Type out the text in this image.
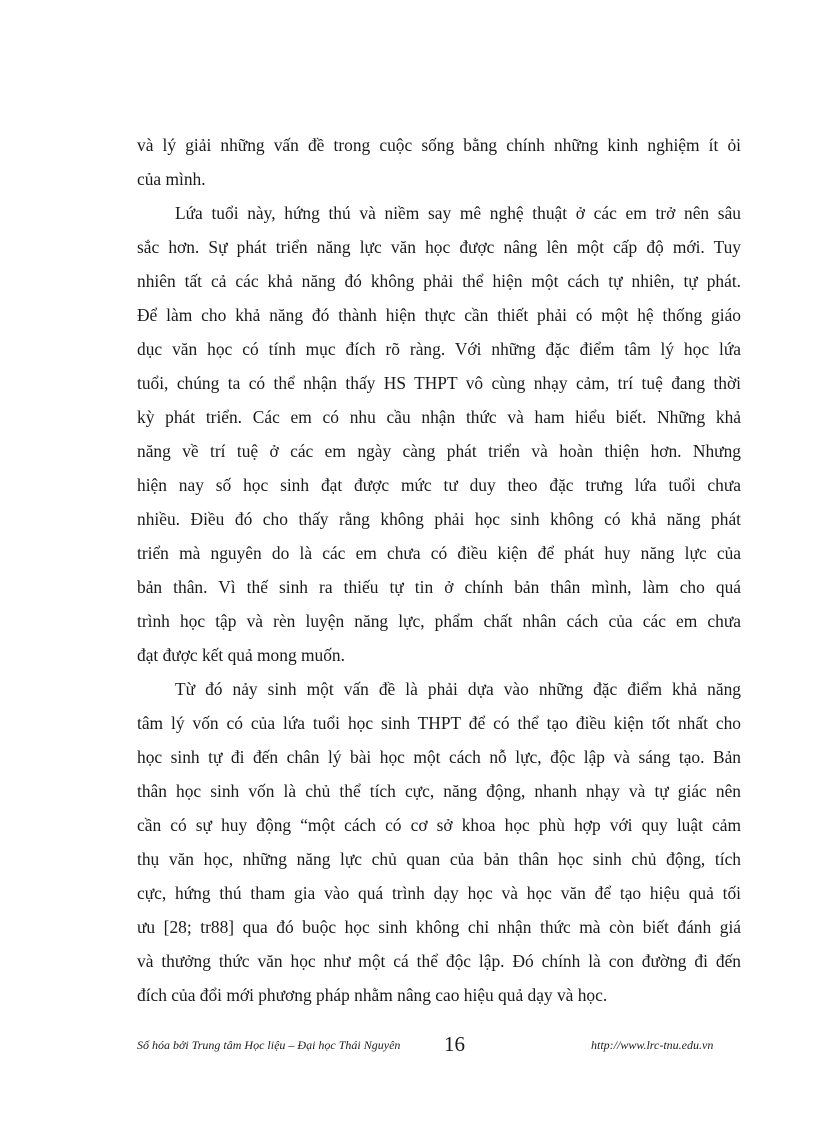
và lý giải những vấn đề trong cuộc sống bằng chính những kinh nghiệm ít ỏi
của mình.
Lứa tuổi này, hứng thú và niềm say mê nghệ thuật ở các em trở nên sâu
sắc hơn. Sự phát triển năng lực văn học được nâng lên một cấp độ mới. Tuy
nhiên tất cả các khả năng đó không phải thể hiện một cách tự nhiên, tự phát.
Để làm cho khả năng đó thành hiện thực cần thiết phải có một hệ thống giáo
dục văn học có tính mục đích rõ ràng. Với những đặc điểm tâm lý học lứa
tuổi, chúng ta có thể nhận thấy HS THPT vô cùng nhạy cảm, trí tuệ đang thời
kỳ phát triển. Các em có nhu cầu nhận thức và ham hiểu biết. Những khả
năng về trí tuệ ở các em ngày càng phát triển và hoàn thiện hơn. Nhưng
hiện nay số học sinh đạt được mức tư duy theo đặc trưng lứa tuổi chưa
nhiều. Điều đó cho thấy rằng không phải học sinh không có khả năng phát
triển mà nguyên do là các em chưa có điều kiện để phát huy năng lực của
bản thân. Vì thế sinh ra thiếu tự tin ở chính bản thân mình, làm cho quá
trình học tập và rèn luyện năng lực, phẩm chất nhân cách của các em chưa
đạt được kết quả mong muốn.
Từ đó nảy sinh một vấn đề là phải dựa vào những đặc điểm khả năng
tâm lý vốn có của lứa tuổi học sinh THPT để có thể tạo điều kiện tốt nhất cho
học sinh tự đi đến chân lý bài học một cách nỗ lực, độc lập và sáng tạo. Bản
thân học sinh vốn là chủ thể tích cực, năng động, nhanh nhạy và tự giác nên
cần có sự huy động “một cách có cơ sở khoa học phù hợp với quy luật cảm
thụ văn học, những năng lực chủ quan của bản thân học sinh chủ động, tích
cực, hứng thú tham gia vào quá trình dạy học và học văn để tạo hiệu quả tối
ưu [28; tr88] qua đó buộc học sinh không chỉ nhận thức mà còn biết đánh giá
và thưởng thức văn học như một cá thể độc lập. Đó chính là con đường đi đến
đích của đổi mới phương pháp nhằm nâng cao hiệu quả dạy và học.
Số hóa bởi Trung tâm Học liệu – Đại học Thái Nguyên 16	http://www.lrc-tnu.edu.vn
